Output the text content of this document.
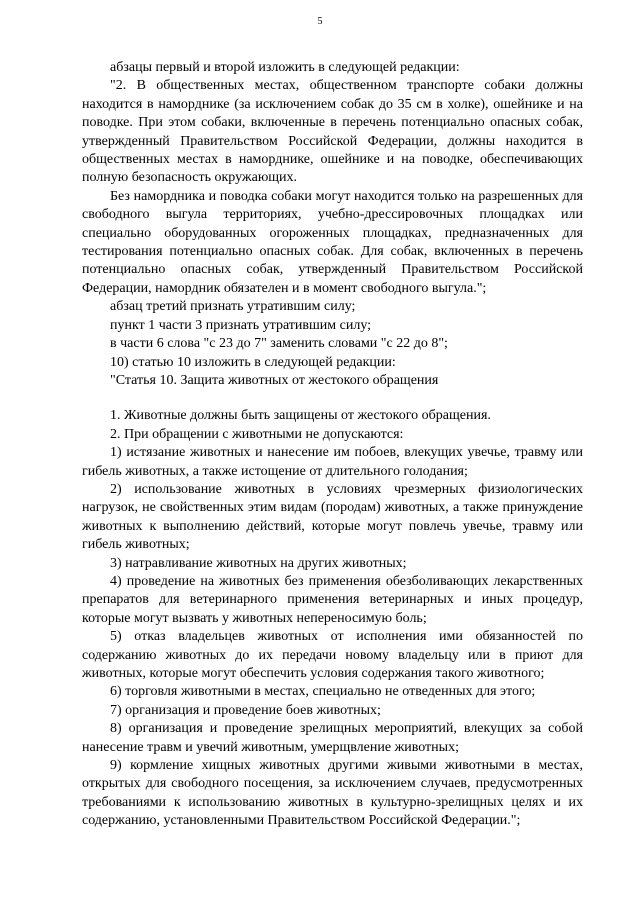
5

абзацы первый и второй изложить в следующей редакции:

"2. В общественных местах, общественном транспорте собаки должны находится в наморднике (за исключением собак до 35 см в холке), ошейнике и на поводке. При этом собаки, включенные в перечень потенциально опасных собак, утвержденный Правительством Российской Федерации, должны находится в общественных местах в наморднике, ошейнике и на поводке, обеспечивающих полную безопасность окружающих.

Без намордника и поводка собаки могут находится только на разрешенных для свободного выгула территориях, учебно-дрессировочных площадках или специально оборудованных огороженных площадках, предназначенных для тестирования потенциально опасных собак. Для собак, включенных в перечень потенциально опасных собак, утвержденный Правительством Российской Федерации, намордник обязателен и в момент свободного выгула.";

абзац третий признать утратившим силу;

пункт 1 части 3 признать утратившим силу;

в части 6 слова "с 23 до 7" заменить словами "с 22 до 8";

10) статью 10 изложить в следующей редакции:

"Статья 10. Защита животных от жестокого обращения

1. Животные должны быть защищены от жестокого обращения.

2. При обращении с животными не допускаются:

1) истязание животных и нанесение им побоев, влекущих увечье, травму или гибель животных, а также истощение от длительного голодания;

2) использование животных в условиях чрезмерных физиологических нагрузок, не свойственных этим видам (породам) животных, а также принуждение животных к выполнению действий, которые могут повлечь увечье, травму или гибель животных;

3) натравливание животных на других животных;

4) проведение на животных без применения обезболивающих лекарственных препаратов для ветеринарного применения ветеринарных и иных процедур, которые могут вызвать у животных непереносимую боль;

5) отказ владельцев животных от исполнения ими обязанностей по содержанию животных до их передачи новому владельцу или в приют для животных, которые могут обеспечить условия содержания такого животного;

6) торговля животными в местах, специально не отведенных для этого;

7) организация и проведение боев животных;

8) организация и проведение зрелищных мероприятий, влекущих за собой нанесение травм и увечий животным, умерщвление животных;

9) кормление хищных животных другими живыми животными в местах, открытых для свободного посещения, за исключением случаев, предусмотренных требованиями к использованию животных в культурно-зрелищных целях и их содержанию, установленными Правительством Российской Федерации.";
